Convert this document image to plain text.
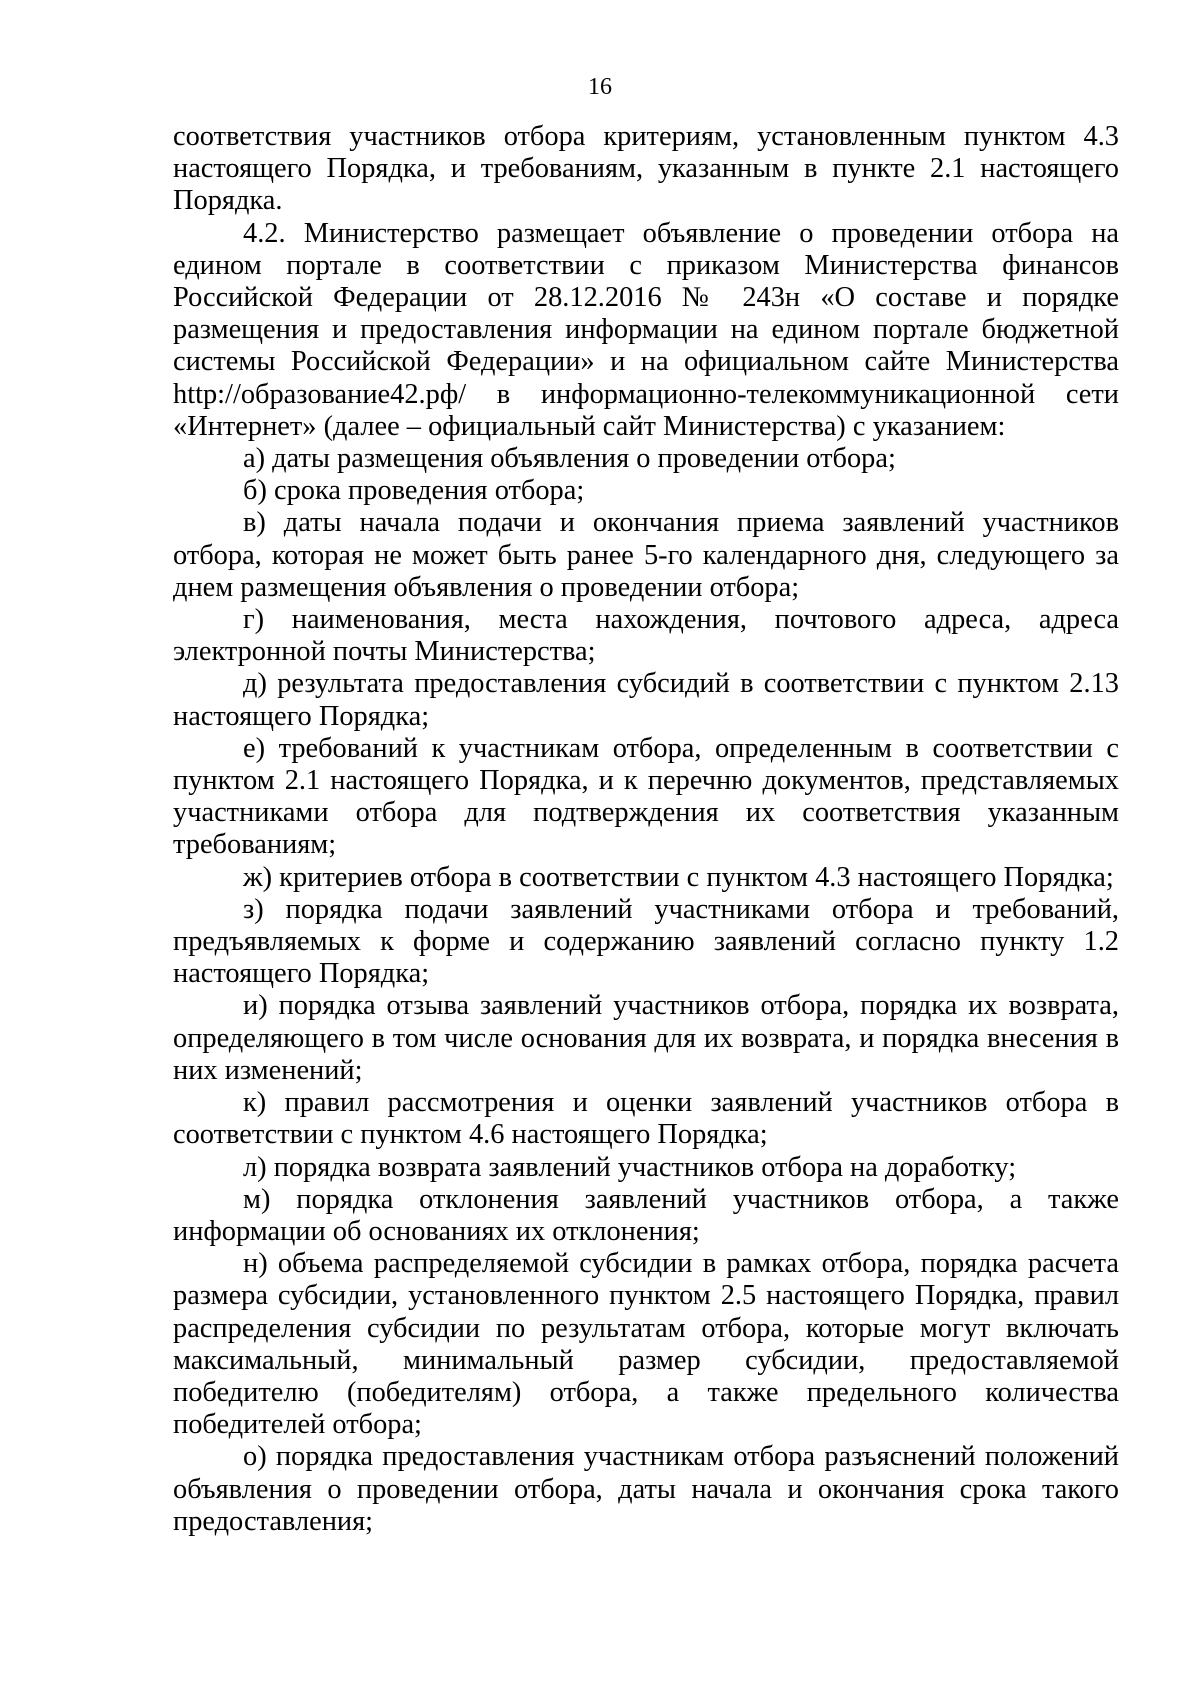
16

соответствия участников отбора критериям, установленным пунктом 4.3 настоящего Порядка, и требованиям, указанным в пункте 2.1 настоящего Порядка.

4.2. Министерство размещает объявление о проведении отбора на едином портале в соответствии с приказом Министерства финансов Российской Федерации от 28.12.2016 № 243н «О составе и порядке размещения и предоставления информации на едином портале бюджетной системы Российской Федерации» и на официальном сайте Министерства http://образование42.рф/ в информационно-телекоммуникационной сети «Интернет» (далее – официальный сайт Министерства) с указанием:

а) даты размещения объявления о проведении отбора;

б) срока проведения отбора;

в) даты начала подачи и окончания приема заявлений участников отбора, которая не может быть ранее 5-го календарного дня, следующего за днем размещения объявления о проведении отбора;

г) наименования, места нахождения, почтового адреса, адреса электронной почты Министерства;

д) результата предоставления субсидий в соответствии с пунктом 2.13 настоящего Порядка;

е) требований к участникам отбора, определенным в соответствии с пунктом 2.1 настоящего Порядка, и к перечню документов, представляемых участниками отбора для подтверждения их соответствия указанным требованиям;

ж) критериев отбора в соответствии с пунктом 4.3 настоящего Порядка;

з) порядка подачи заявлений участниками отбора и требований, предъявляемых к форме и содержанию заявлений согласно пункту 1.2 настоящего Порядка;

и) порядка отзыва заявлений участников отбора, порядка их возврата, определяющего в том числе основания для их возврата, и порядка внесения в них изменений;

к) правил рассмотрения и оценки заявлений участников отбора в соответствии с пунктом 4.6 настоящего Порядка;

л) порядка возврата заявлений участников отбора на доработку;

м) порядка отклонения заявлений участников отбора, а также информации об основаниях их отклонения;

н) объема распределяемой субсидии в рамках отбора, порядка расчета размера субсидии, установленного пунктом 2.5 настоящего Порядка, правил распределения субсидии по результатам отбора, которые могут включать максимальный, минимальный размер субсидии, предоставляемой победителю (победителям) отбора, а также предельного количества победителей отбора;

о) порядка предоставления участникам отбора разъяснений положений объявления о проведении отбора, даты начала и окончания срока такого предоставления;
